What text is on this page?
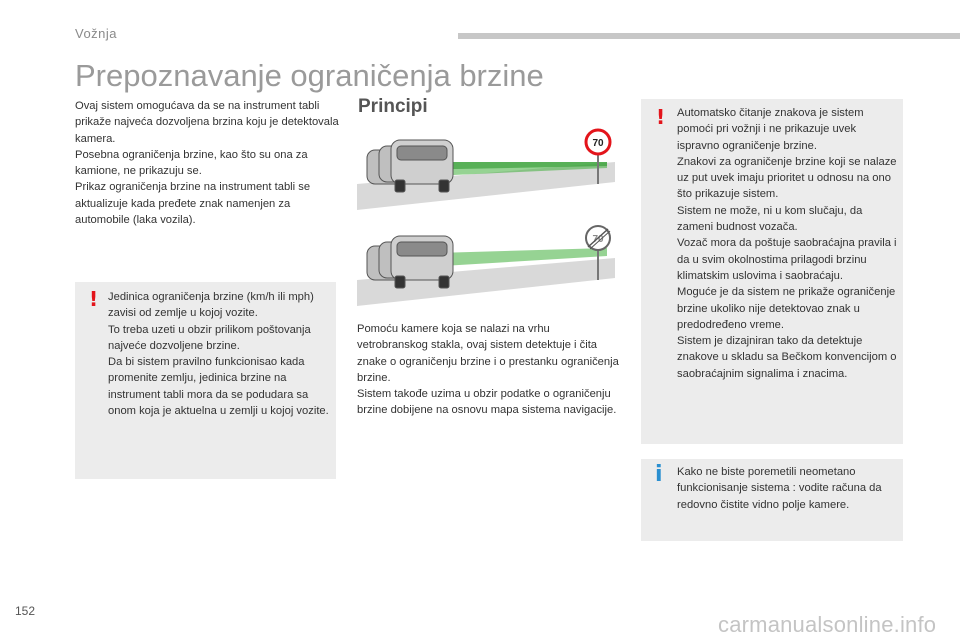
Vožnja
Prepoznavanje ograničenja brzine

Ovaj sistem omogućava da se na instrument tabli prikaže najveća dozvoljena brzina koju je detektovala kamera.

Posebna ograničenja brzine, kao što su ona za kamione, ne prikazuju se.

Prikaz ograničenja brzine na instrument tabli se aktualizuje kada pređete znak namenjen za automobile (laka vozila).

! Jedinica ograničenja brzine (km/h ili mph) zavisi od zemlje u kojoj vozite.

To treba uzeti u obzir prilikom poštovanja najveće dozvoljene brzine.

Da bi sistem pravilno funkcionisao kada promenite zemlju, jedinica brzine na instrument tabli mora da se podudara sa onom koja je aktuelna u zemlji u kojoj vozite.

Principi
70
70

Pomoću kamere koja se nalazi na vrhu vetrobranskog stakla, ovaj sistem detektuje i čita znake o ograničenju brzine i o prestanku ograničenja brzine.

Sistem takođe uzima u obzir podatke o ograničenju brzine dobijene na osnovu mapa sistema navigacije.

! Automatsko čitanje znakova je sistem pomoći pri vožnji i ne prikazuje uvek ispravno ograničenje brzine.

Znakovi za ograničenje brzine koji se nalaze uz put uvek imaju prioritet u odnosu na ono što prikazuje sistem.

Sistem ne može, ni u kom slučaju, da zameni budnost vozača.

Vozač mora da poštuje saobraćajna pravila i da u svim okolnostima prilagodi brzinu klimatskim uslovima i saobraćaju.

Moguće je da sistem ne prikaže ograničenje brzine ukoliko nije detektovao znak u predodređeno vreme.

Sistem je dizajniran tako da detektuje znakove u skladu sa Bečkom konvencijom o saobraćajnim signalima i znacima.

i Kako ne biste poremetili neometano funkcionisanje sistema : vodite računa da redovno čistite vidno polje kamere.
152
carmanualsonline.info
